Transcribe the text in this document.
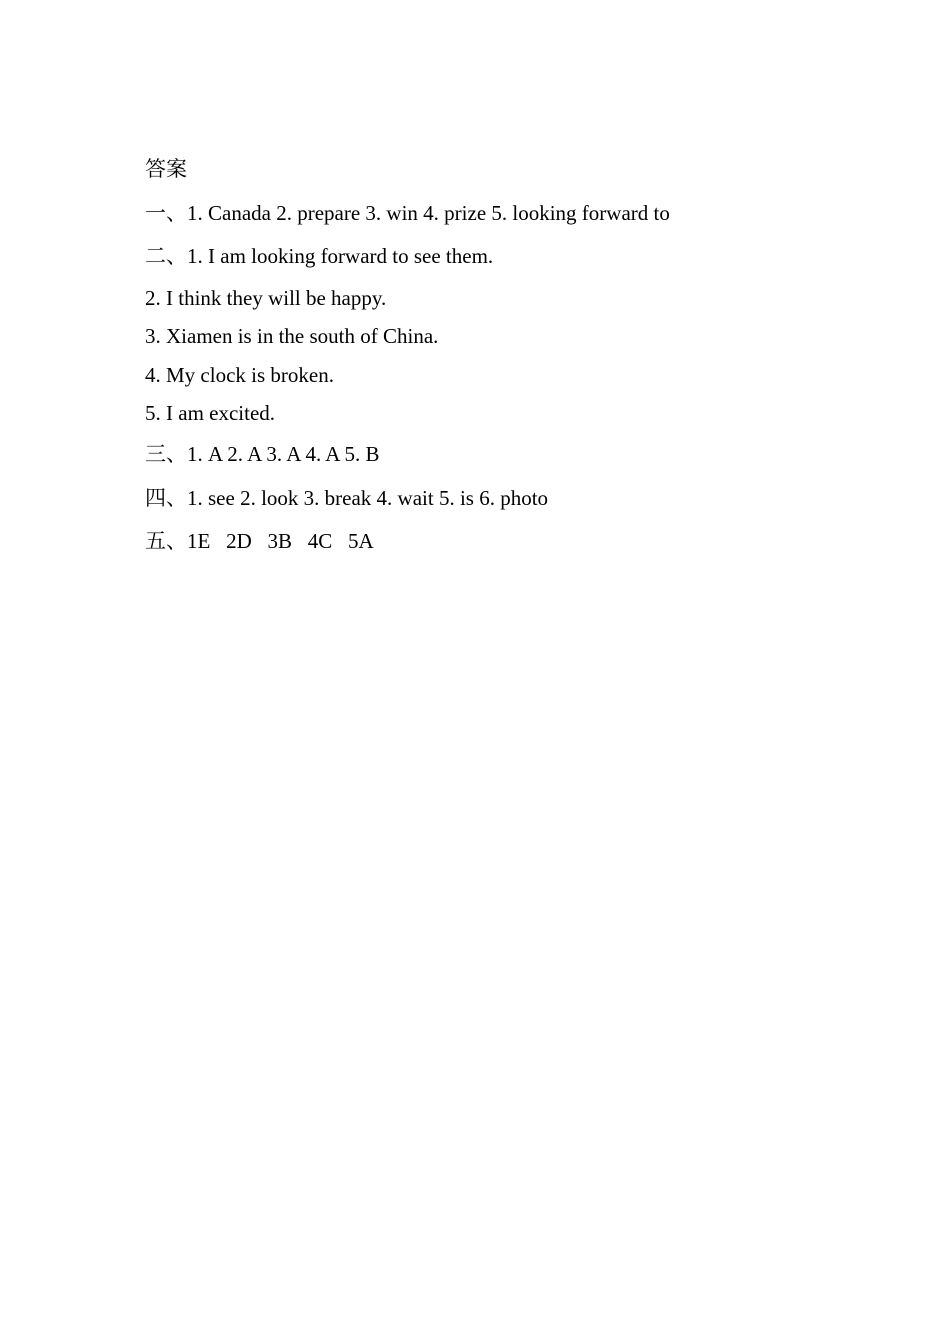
答案
一、1. Canada 2. prepare 3. win 4. prize 5. looking forward to
二、1. I am looking forward to see them.
2. I think they will be happy.
3. Xiamen is in the south of China.
4. My clock is broken.
5. I am excited.
三、1. A 2. A 3. A 4. A 5. B
四、1. see 2. look 3. break 4. wait 5. is 6. photo
五、1E   2D   3B   4C   5A
